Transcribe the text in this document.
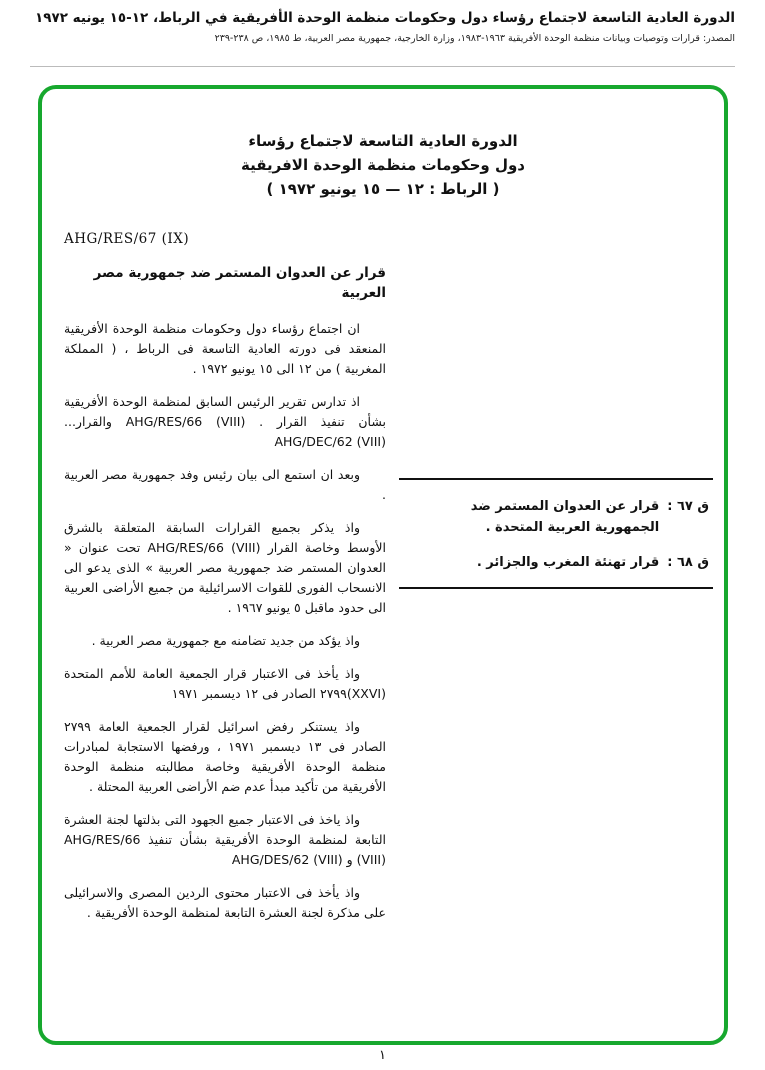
الدورة العادية التاسعة لاجتماع رؤساء دول وحكومات منظمة الوحدة الأفريقية في الرباط، ١٢-١٥ يونيه ١٩٧٢
المصدر: قرارات وتوصيات وبيانات منظمة الوحدة الأفريقية ١٩٦٣-١٩٨٣، وزارة الخارجية، جمهورية مصر العربية، ط ١٩٨٥، ص ٢٣٨-٢٣٩
الدورة العادية التاسعة لاجتماع رؤساء
دول وحكومات منظمة الوحدة الافريقية
( الرباط : ١٢ — ١٥ يونيو ١٩٧٢ )
AHG/RES/67 (IX)
قرار عن العدوان المستمر ضد جمهورية مصر العربية

ان اجتماع رؤساء دول وحكومات منظمة الوحدة الأفريقية المنعقد فى دورته العادية التاسعة فى الرباط ، ( المملكة المغربية ) من ١٢ الى ١٥ يونيو ١٩٧٢ .

اذ تدارس تقرير الرئيس السابق لمنظمة الوحدة الأفريقية بشأن تنفيذ القرار . AHG/RES/66 (VIII) والقرار... AHG/DEC/62 (VIII)

وبعد ان استمع الى بيان رئيس وفد جمهورية مصر العربية .

واذ يذكر بجميع القرارات السابقة المتعلقة بالشرق الأوسط وخاصة القرار AHG/RES/66 (VIII) تحت عنوان « العدوان المستمر ضد جمهورية مصر العربية » الذى يدعو الى الانسحاب الفورى للقوات الاسرائيلية من جميع الأراضى العربية الى حدود ماقبل ٥ يونيو ١٩٦٧ .

واذ يؤكد من جديد تضامنه مع جمهورية مصر العربية .

واذ يأخذ فى الاعتبار قرار الجمعية العامة للأمم المتحدة (XXVI)٢٧٩٩ الصادر فى ١٢ ديسمبر ١٩٧١

واذ يستنكر رفض اسرائيل لقرار الجمعية العامة ٢٧٩٩ الصادر فى ١٣ ديسمبر ١٩٧١ ، ورفضها الاستجابة لمبادرات منظمة الوحدة الأفريقية وخاصة مطالبته منظمة الوحدة الأفريقية من تأكيد مبدأ عدم ضم الأراضى العربية المحتلة .

واذ ياخذ فى الاعتبار جميع الجهود التى بذلتها لجنة العشرة التابعة لمنظمة الوحدة الأفريقية بشأن تنفيذ AHG/RES/66 (VIII) و AHG/DES/62 (VIII)

واذ يأخذ فى الاعتبار محتوى الردين المصرى والاسرائيلى على مذكرة لجنة العشرة التابعة لمنظمة الوحدة الأفريقية .

ق ٦٧ :
قرار عن العدوان المستمر ضد الجمهورية العربية المتحدة .
ق ٦٨ :
قرار تهنئة المغرب والجزائر .
١
